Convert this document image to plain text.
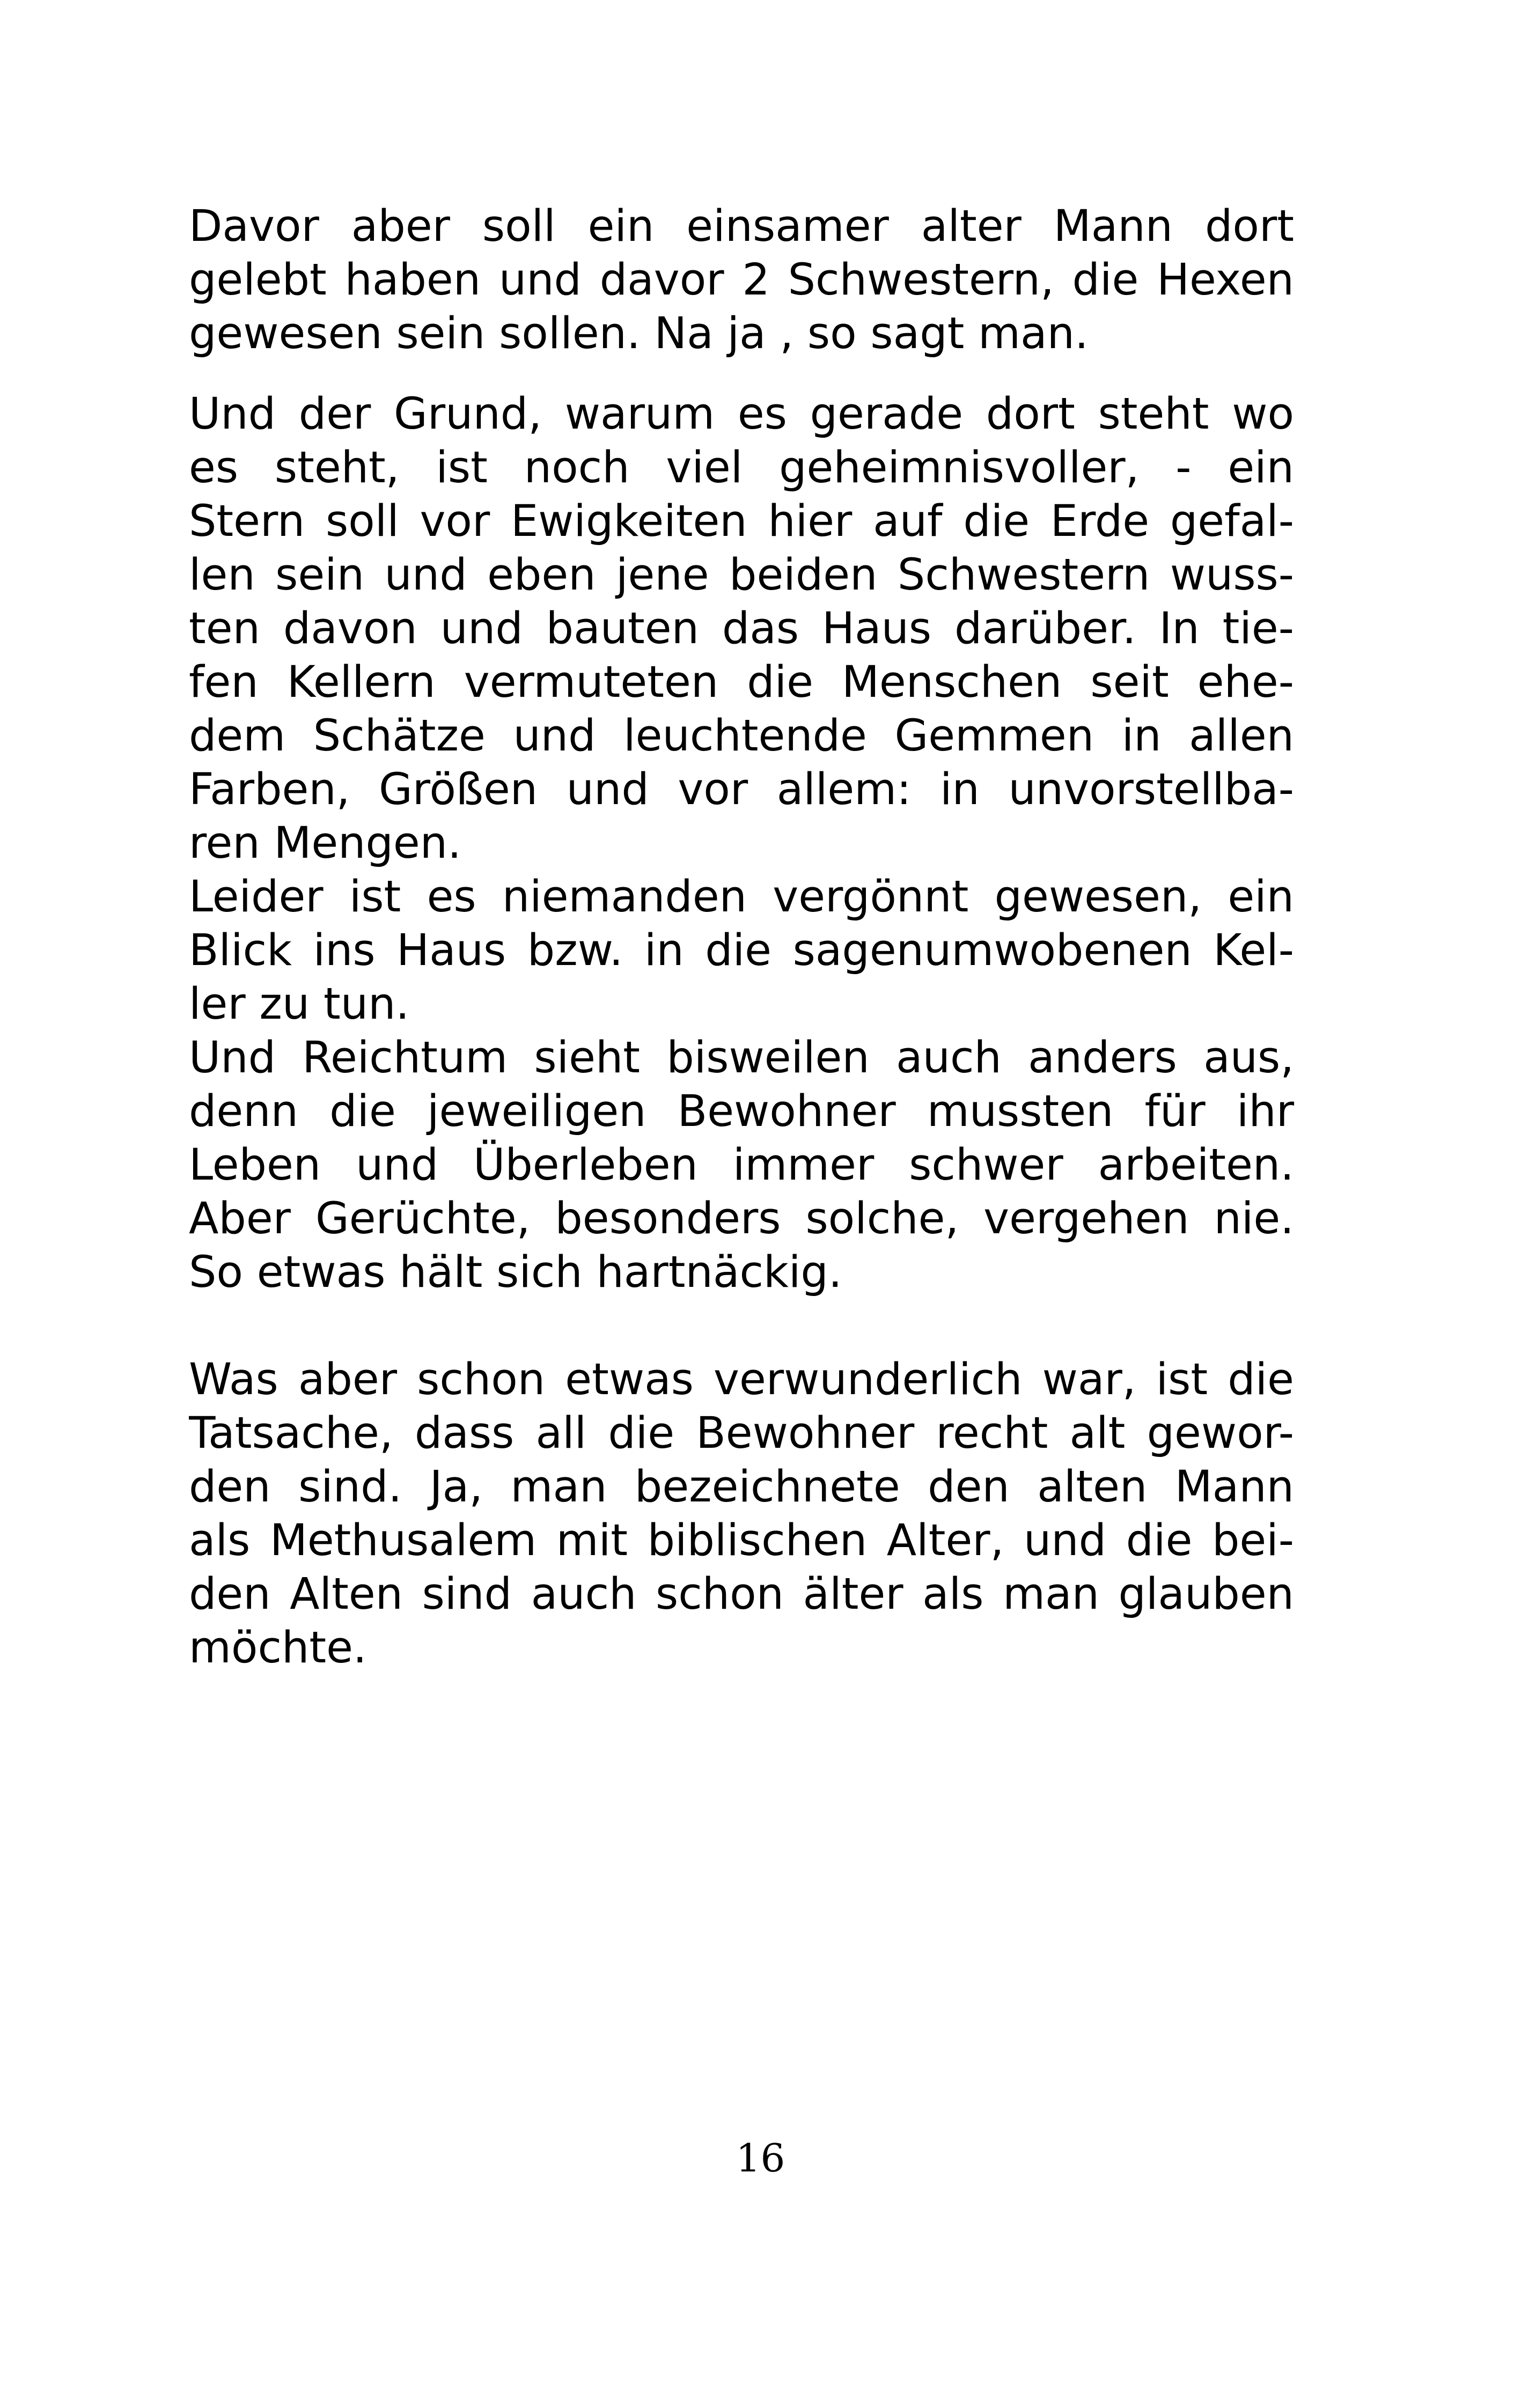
Davor aber soll ein einsamer alter Mann dort
gelebt haben und davor 2 Schwestern, die Hexen
gewesen sein sollen. Na ja , so sagt man.
Und der Grund, warum es gerade dort steht wo
es steht, ist noch viel geheimnisvoller, - ein
Stern soll vor Ewigkeiten hier auf die Erde gefal-
len sein und eben jene beiden Schwestern wuss-
ten davon und bauten das Haus darüber. In tie-
fen Kellern vermuteten die Menschen seit ehe-
dem Schätze und leuchtende Gemmen in allen
Farben, Größen und vor allem: in unvorstellba-
ren Mengen.
Leider ist es niemanden vergönnt gewesen, ein
Blick ins Haus bzw. in die sagenumwobenen Kel-
ler zu tun.
Und Reichtum sieht bisweilen auch anders aus,
denn die jeweiligen Bewohner mussten für ihr
Leben und Überleben immer schwer arbeiten.
Aber Gerüchte, besonders solche, vergehen nie.
So etwas hält sich hartnäckig.
Was aber schon etwas verwunderlich war, ist die
Tatsache, dass all die Bewohner recht alt gewor-
den sind. Ja, man bezeichnete den alten Mann
als Methusalem mit biblischen Alter, und die bei-
den Alten sind auch schon älter als man glauben
möchte.
16
